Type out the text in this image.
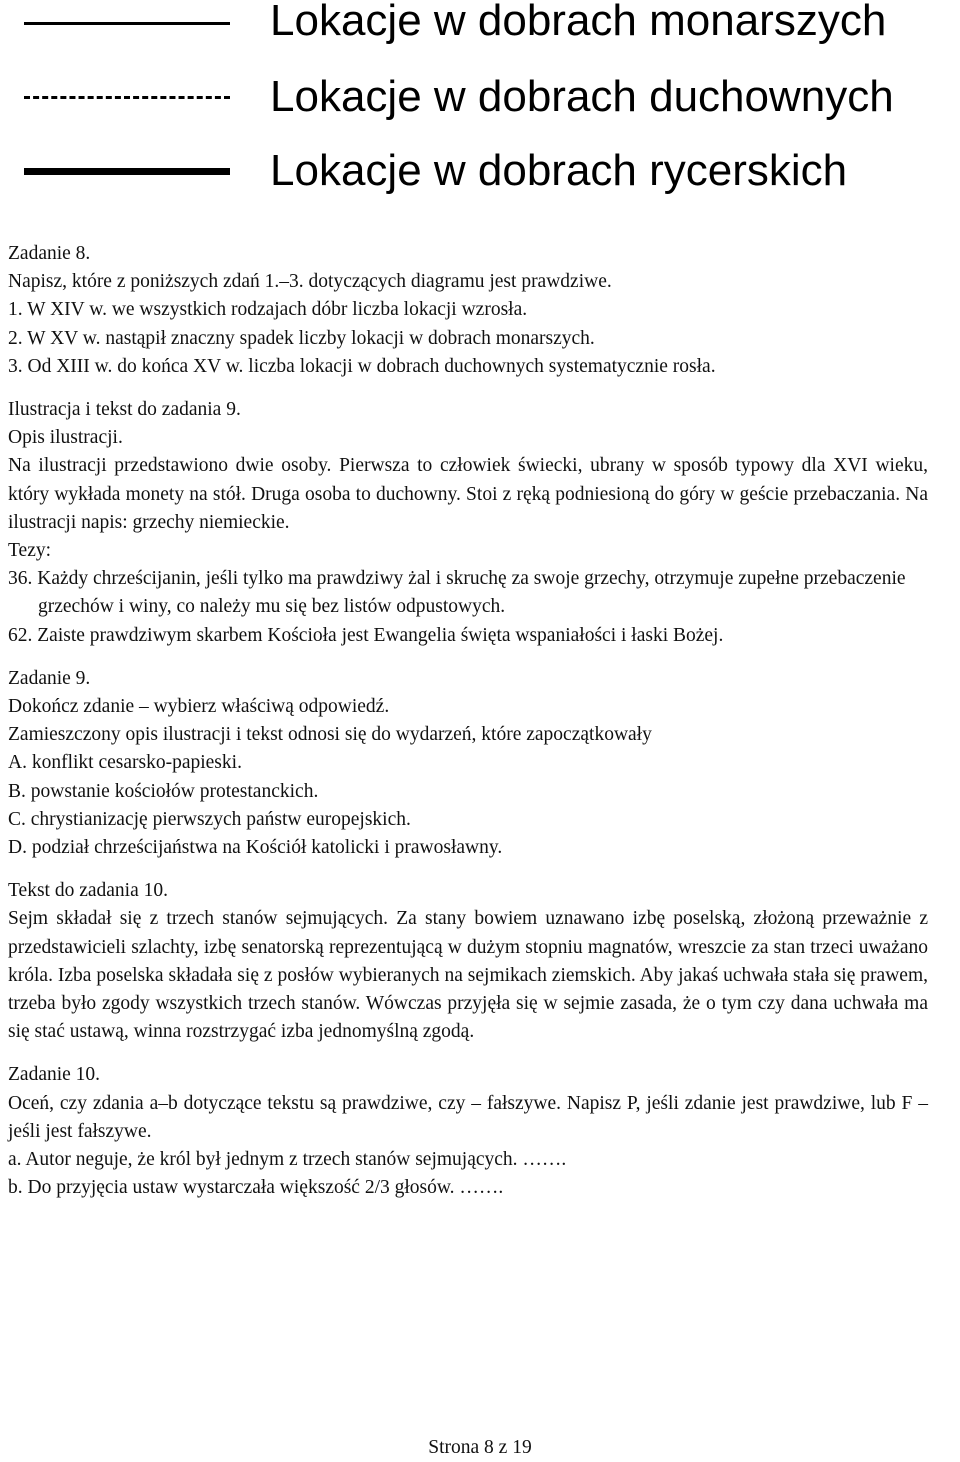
Lokacje w dobrach monarszych
Lokacje w dobrach duchownych
Lokacje w dobrach rycerskich

Zadanie 8.

Napisz, które z poniższych zdań 1.–3. dotyczących diagramu jest prawdziwe.

1. W XIV w. we wszystkich rodzajach dóbr liczba lokacji wzrosła.

2. W XV w. nastąpił znaczny spadek liczby lokacji w dobrach monarszych.

3. Od XIII w. do końca XV w. liczba lokacji w dobrach duchownych systematycznie rosła.

Ilustracja i tekst do zadania 9.

Opis ilustracji.

Na ilustracji przedstawiono dwie osoby. Pierwsza to człowiek świecki, ubrany w sposób typowy dla XVI wieku, który wykłada monety na stół. Druga osoba to duchowny. Stoi z ręką podniesioną do góry w geście przebaczania. Na ilustracji napis: grzechy niemieckie.

Tezy:

36. Każdy chrześcijanin, jeśli tylko ma prawdziwy żal i skruchę za swoje grzechy, otrzymuje zupełne przebaczenie grzechów i winy, co należy mu się bez listów odpustowych.

62. Zaiste prawdziwym skarbem Kościoła jest Ewangelia święta wspaniałości i łaski Bożej.

Zadanie 9.

Dokończ zdanie – wybierz właściwą odpowiedź.

Zamieszczony opis ilustracji i tekst odnosi się do wydarzeń, które zapoczątkowały

A. konflikt cesarsko-papieski.

B. powstanie kościołów protestanckich.

C. chrystianizację pierwszych państw europejskich.

D. podział chrześcijaństwa na Kościół katolicki i prawosławny.

Tekst do zadania 10.

Sejm składał się z trzech stanów sejmujących. Za stany bowiem uznawano izbę poselską, złożoną przeważnie z przedstawicieli szlachty, izbę senatorską reprezentującą w dużym stopniu magnatów, wreszcie za stan trzeci uważano króla. Izba poselska składała się z posłów wybieranych na sejmikach ziemskich. Aby jakaś uchwała stała się prawem, trzeba było zgody wszystkich trzech stanów. Wówczas przyjęła się w sejmie zasada, że o tym czy dana uchwała ma się stać ustawą, winna rozstrzygać izba jednomyślną zgodą.

Zadanie 10.

Oceń, czy zdania a–b dotyczące tekstu są prawdziwe, czy – fałszywe. Napisz P, jeśli zdanie jest prawdziwe, lub F – jeśli jest fałszywe.

a. Autor neguje, że król był jednym z trzech stanów sejmujących. …….

b. Do przyjęcia ustaw wystarczała większość 2/3 głosów. …….

Strona 8 z 19
